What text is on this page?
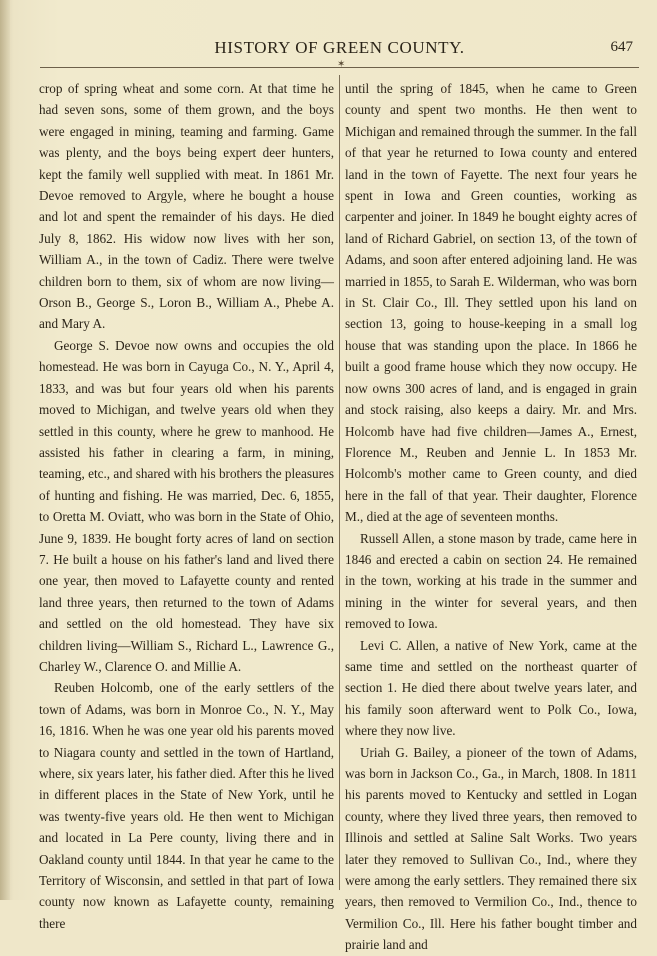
HISTORY OF GREEN COUNTY.	647
✶

crop of spring wheat and some corn. At that time he had seven sons, some of them grown, and the boys were engaged in mining, teaming and farming. Game was plenty, and the boys being expert deer hunters, kept the family well supplied with meat. In 1861 Mr. Devoe removed to Argyle, where he bought a house and lot and spent the remainder of his days. He died July 8, 1862. His widow now lives with her son, William A., in the town of Cadiz. There were twelve children born to them, six of whom are now living—Orson B., George S., Loron B., William A., Phebe A. and Mary A.

George S. Devoe now owns and occupies the old homestead. He was born in Cayuga Co., N. Y., April 4, 1833, and was but four years old when his parents moved to Michigan, and twelve years old when they settled in this county, where he grew to manhood. He assisted his father in clearing a farm, in mining, teaming, etc., and shared with his brothers the pleasures of hunting and fishing. He was married, Dec. 6, 1855, to Oretta M. Oviatt, who was born in the State of Ohio, June 9, 1839. He bought forty acres of land on section 7. He built a house on his father's land and lived there one year, then moved to Lafayette county and rented land three years, then returned to the town of Adams and settled on the old homestead. They have six children living—William S., Richard L., Lawrence G., Charley W., Clarence O. and Millie A.

Reuben Holcomb, one of the early settlers of the town of Adams, was born in Monroe Co., N. Y., May 16, 1816. When he was one year old his parents moved to Niagara county and settled in the town of Hartland, where, six years later, his father died. After this he lived in different places in the State of New York, until he was twenty-five years old. He then went to Michigan and located in La Pere county, living there and in Oakland county until 1844. In that year he came to the Territory of Wisconsin, and settled in that part of Iowa county now known as Lafayette county, remaining there

until the spring of 1845, when he came to Green county and spent two months. He then went to Michigan and remained through the summer. In the fall of that year he returned to Iowa county and entered land in the town of Fayette. The next four years he spent in Iowa and Green counties, working as carpenter and joiner. In 1849 he bought eighty acres of land of Richard Gabriel, on section 13, of the town of Adams, and soon after entered adjoining land. He was married in 1855, to Sarah E. Wilderman, who was born in St. Clair Co., Ill. They settled upon his land on section 13, going to house-keeping in a small log house that was standing upon the place. In 1866 he built a good frame house which they now occupy. He now owns 300 acres of land, and is engaged in grain and stock raising, also keeps a dairy. Mr. and Mrs. Holcomb have had five children—James A., Ernest, Florence M., Reuben and Jennie L. In 1853 Mr. Holcomb's mother came to Green county, and died here in the fall of that year. Their daughter, Florence M., died at the age of seventeen months.

Russell Allen, a stone mason by trade, came here in 1846 and erected a cabin on section 24. He remained in the town, working at his trade in the summer and mining in the winter for several years, and then removed to Iowa.

Levi C. Allen, a native of New York, came at the same time and settled on the northeast quarter of section 1. He died there about twelve years later, and his family soon afterward went to Polk Co., Iowa, where they now live.

Uriah G. Bailey, a pioneer of the town of Adams, was born in Jackson Co., Ga., in March, 1808. In 1811 his parents moved to Kentucky and settled in Logan county, where they lived three years, then removed to Illinois and settled at Saline Salt Works. Two years later they removed to Sullivan Co., Ind., where they were among the early settlers. They remained there six years, then removed to Vermilion Co., Ind., thence to Vermilion Co., Ill. Here his father bought timber and prairie land and
